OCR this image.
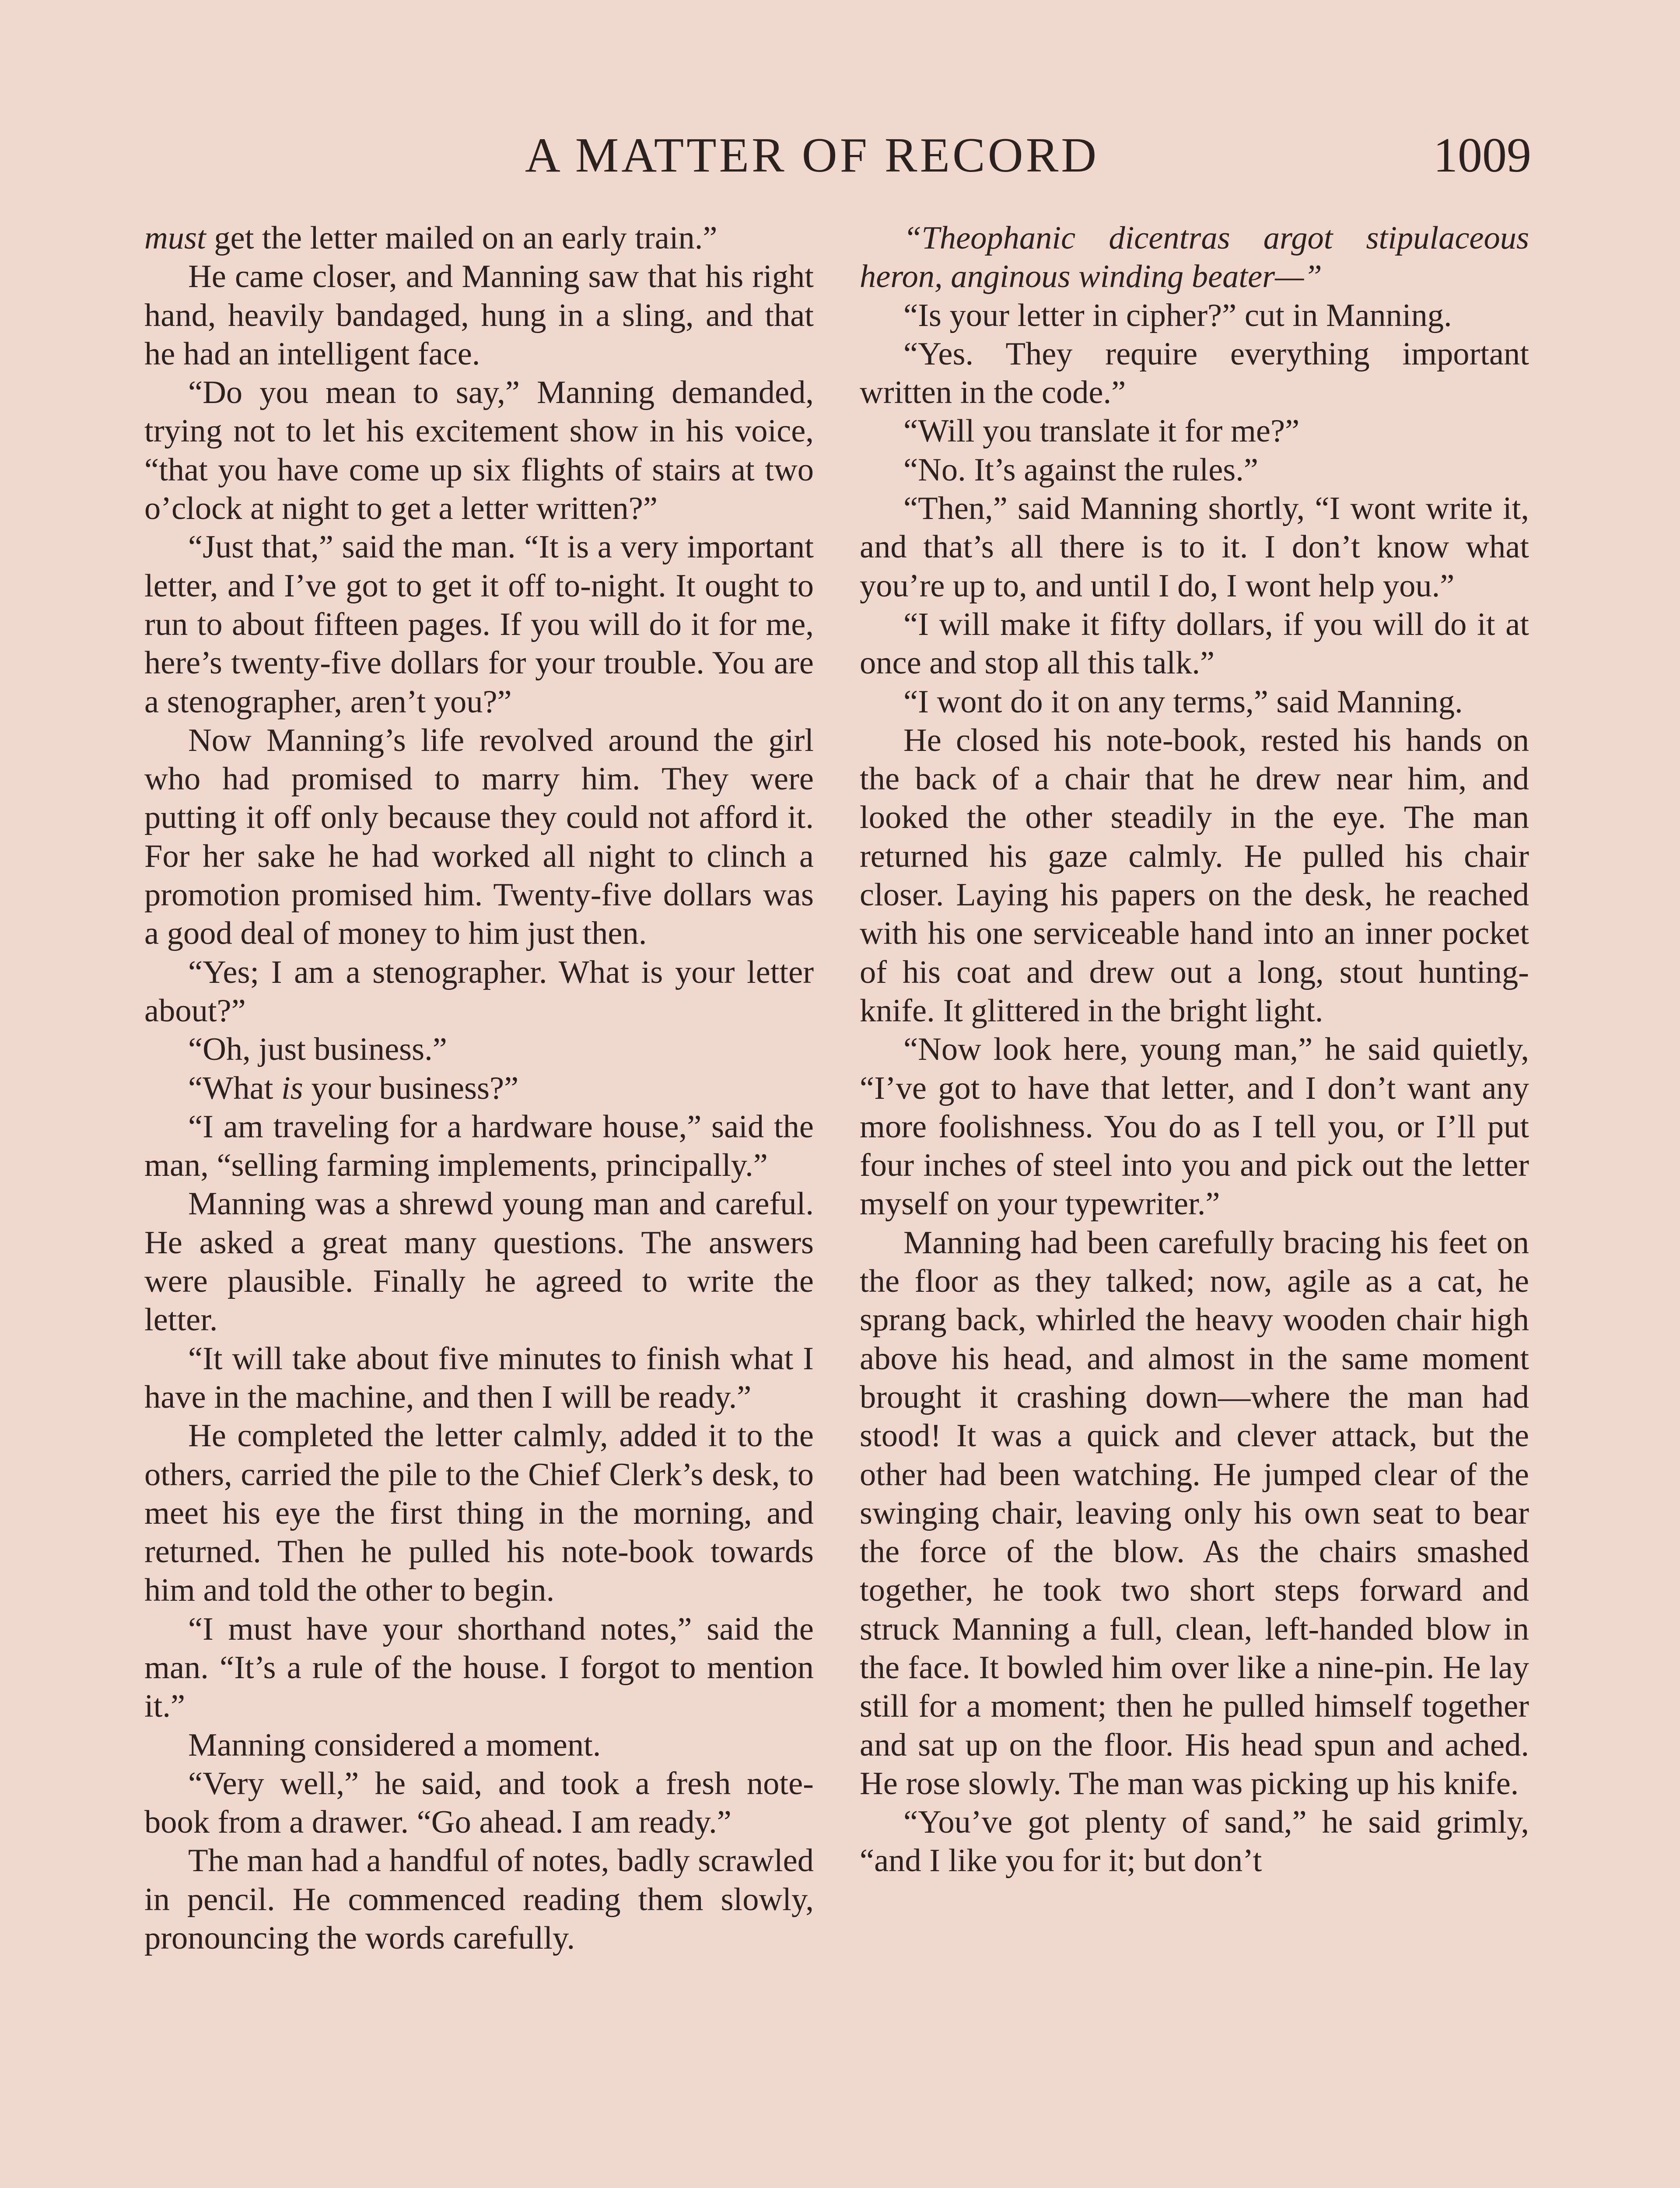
A MATTER OF RECORD	1009

must get the letter mailed on an early train.”

He came closer, and Manning saw that his right hand, heavily bandaged, hung in a sling, and that he had an intelligent face.

“Do you mean to say,” Manning demanded, trying not to let his excitement show in his voice, “that you have come up six flights of stairs at two o’clock at night to get a letter written?”

“Just that,” said the man. “It is a very important letter, and I’ve got to get it off to-night. It ought to run to about fifteen pages. If you will do it for me, here’s twenty-five dollars for your trouble. You are a stenographer, aren’t you?”

Now Manning’s life revolved around the girl who had promised to marry him. They were putting it off only because they could not afford it. For her sake he had worked all night to clinch a promotion promised him. Twenty-five dollars was a good deal of money to him just then.

“Yes; I am a stenographer. What is your letter about?”

“Oh, just business.”

“What is your business?”

“I am traveling for a hardware house,” said the man, “selling farming implements, principally.”

Manning was a shrewd young man and careful. He asked a great many questions. The answers were plausible. Finally he agreed to write the letter.

“It will take about five minutes to finish what I have in the machine, and then I will be ready.”

He completed the letter calmly, added it to the others, carried the pile to the Chief Clerk’s desk, to meet his eye the first thing in the morning, and returned. Then he pulled his note-book towards him and told the other to begin.

“I must have your shorthand notes,” said the man. “It’s a rule of the house. I forgot to mention it.”

Manning considered a moment.

“Very well,” he said, and took a fresh note-book from a drawer. “Go ahead. I am ready.”

The man had a handful of notes, badly scrawled in pencil. He commenced reading them slowly, pronouncing the words carefully.

“Theophanic dicentras argot stipulaceous heron, anginous winding beater—”

“Is your letter in cipher?” cut in Manning.

“Yes. They require everything important written in the code.”

“Will you translate it for me?”

“No. It’s against the rules.”

“Then,” said Manning shortly, “I wont write it, and that’s all there is to it. I don’t know what you’re up to, and until I do, I wont help you.”

“I will make it fifty dollars, if you will do it at once and stop all this talk.”

“I wont do it on any terms,” said Manning.

He closed his note-book, rested his hands on the back of a chair that he drew near him, and looked the other steadily in the eye. The man returned his gaze calmly. He pulled his chair closer. Laying his papers on the desk, he reached with his one serviceable hand into an inner pocket of his coat and drew out a long, stout hunting-knife. It glittered in the bright light.

“Now look here, young man,” he said quietly, “I’ve got to have that letter, and I don’t want any more foolishness. You do as I tell you, or I’ll put four inches of steel into you and pick out the letter myself on your typewriter.”

Manning had been carefully bracing his feet on the floor as they talked; now, agile as a cat, he sprang back, whirled the heavy wooden chair high above his head, and almost in the same moment brought it crashing down—where the man had stood! It was a quick and clever attack, but the other had been watching. He jumped clear of the swinging chair, leaving only his own seat to bear the force of the blow. As the chairs smashed together, he took two short steps forward and struck Manning a full, clean, left-handed blow in the face. It bowled him over like a nine-pin. He lay still for a moment; then he pulled himself together and sat up on the floor. His head spun and ached. He rose slowly. The man was picking up his knife.

“You’ve got plenty of sand,” he said grimly, “and I like you for it; but don’t
